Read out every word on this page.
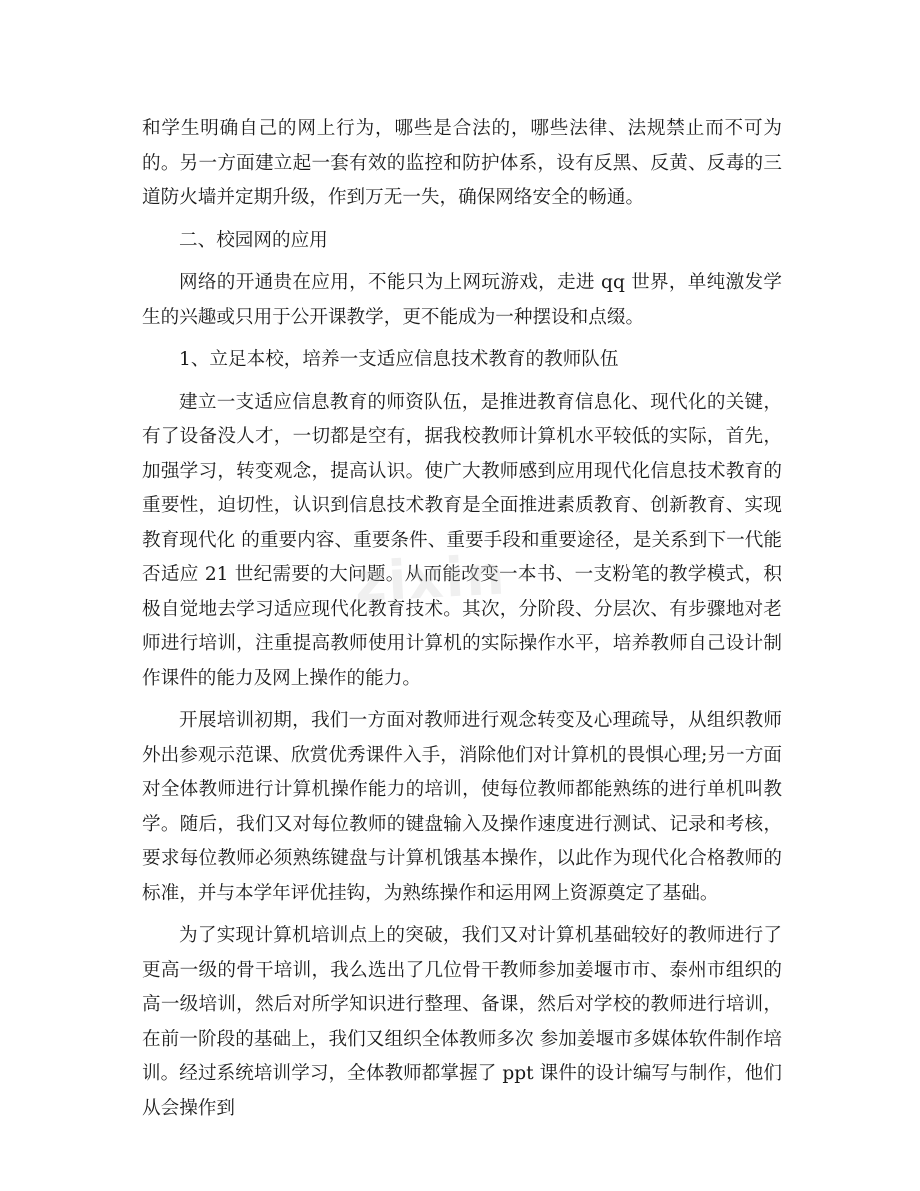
和学生明确自己的网上行为，哪些是合法的，哪些法律、法规禁止而不可为的。另一方面建立起一套有效的监控和防护体系，设有反黑、反黄、反毒的三道防火墙并定期升级，作到万无一失，确保网络安全的畅通。

二、校园网的应用

网络的开通贵在应用，不能只为上网玩游戏，走进 qq 世界，单纯激发学生的兴趣或只用于公开课教学，更不能成为一种摆设和点缀。

1、立足本校，培养一支适应信息技术教育的教师队伍

建立一支适应信息教育的师资队伍，是推进教育信息化、现代化的关键，有了设备没人才，一切都是空有，据我校教师计算机水平较低的实际，首先，加强学习，转变观念，提高认识。使广大教师感到应用现代化信息技术教育的重要性，迫切性，认识到信息技术教育是全面推进素质教育、创新教育、实现教育现代化 的重要内容、重要条件、重要手段和重要途径，是关系到下一代能否适应 21 世纪需要的大问题。从而能改变一本书、一支粉笔的教学模式，积极自觉地去学习适应现代化教育技术。其次，分阶段、分层次、有步骤地对老师进行培训，注重提高教师使用计算机的实际操作水平，培养教师自己设计制作课件的能力及网上操作的能力。

开展培训初期，我们一方面对教师进行观念转变及心理疏导，从组织教师外出参观示范课、欣赏优秀课件入手，消除他们对计算机的畏惧心理;另一方面对全体教师进行计算机操作能力的培训，使每位教师都能熟练的进行单机叫教学。随后，我们又对每位教师的键盘输入及操作速度进行测试、记录和考核，要求每位教师必须熟练键盘与计算机饿基本操作，以此作为现代化合格教师的标准，并与本学年评优挂钩，为熟练操作和运用网上资源奠定了基础。

为了实现计算机培训点上的突破，我们又对计算机基础较好的教师进行了更高一级的骨干培训，我么选出了几位骨干教师参加姜堰市市、泰州市组织的高一级培训，然后对所学知识进行整理、备课，然后对学校的教师进行培训，在前一阶段的基础上，我们又组织全体教师多次 参加姜堰市多媒体软件制作培训。经过系统培训学习，全体教师都掌握了 ppt 课件的设计编写与制作，他们从会操作到

zixin
